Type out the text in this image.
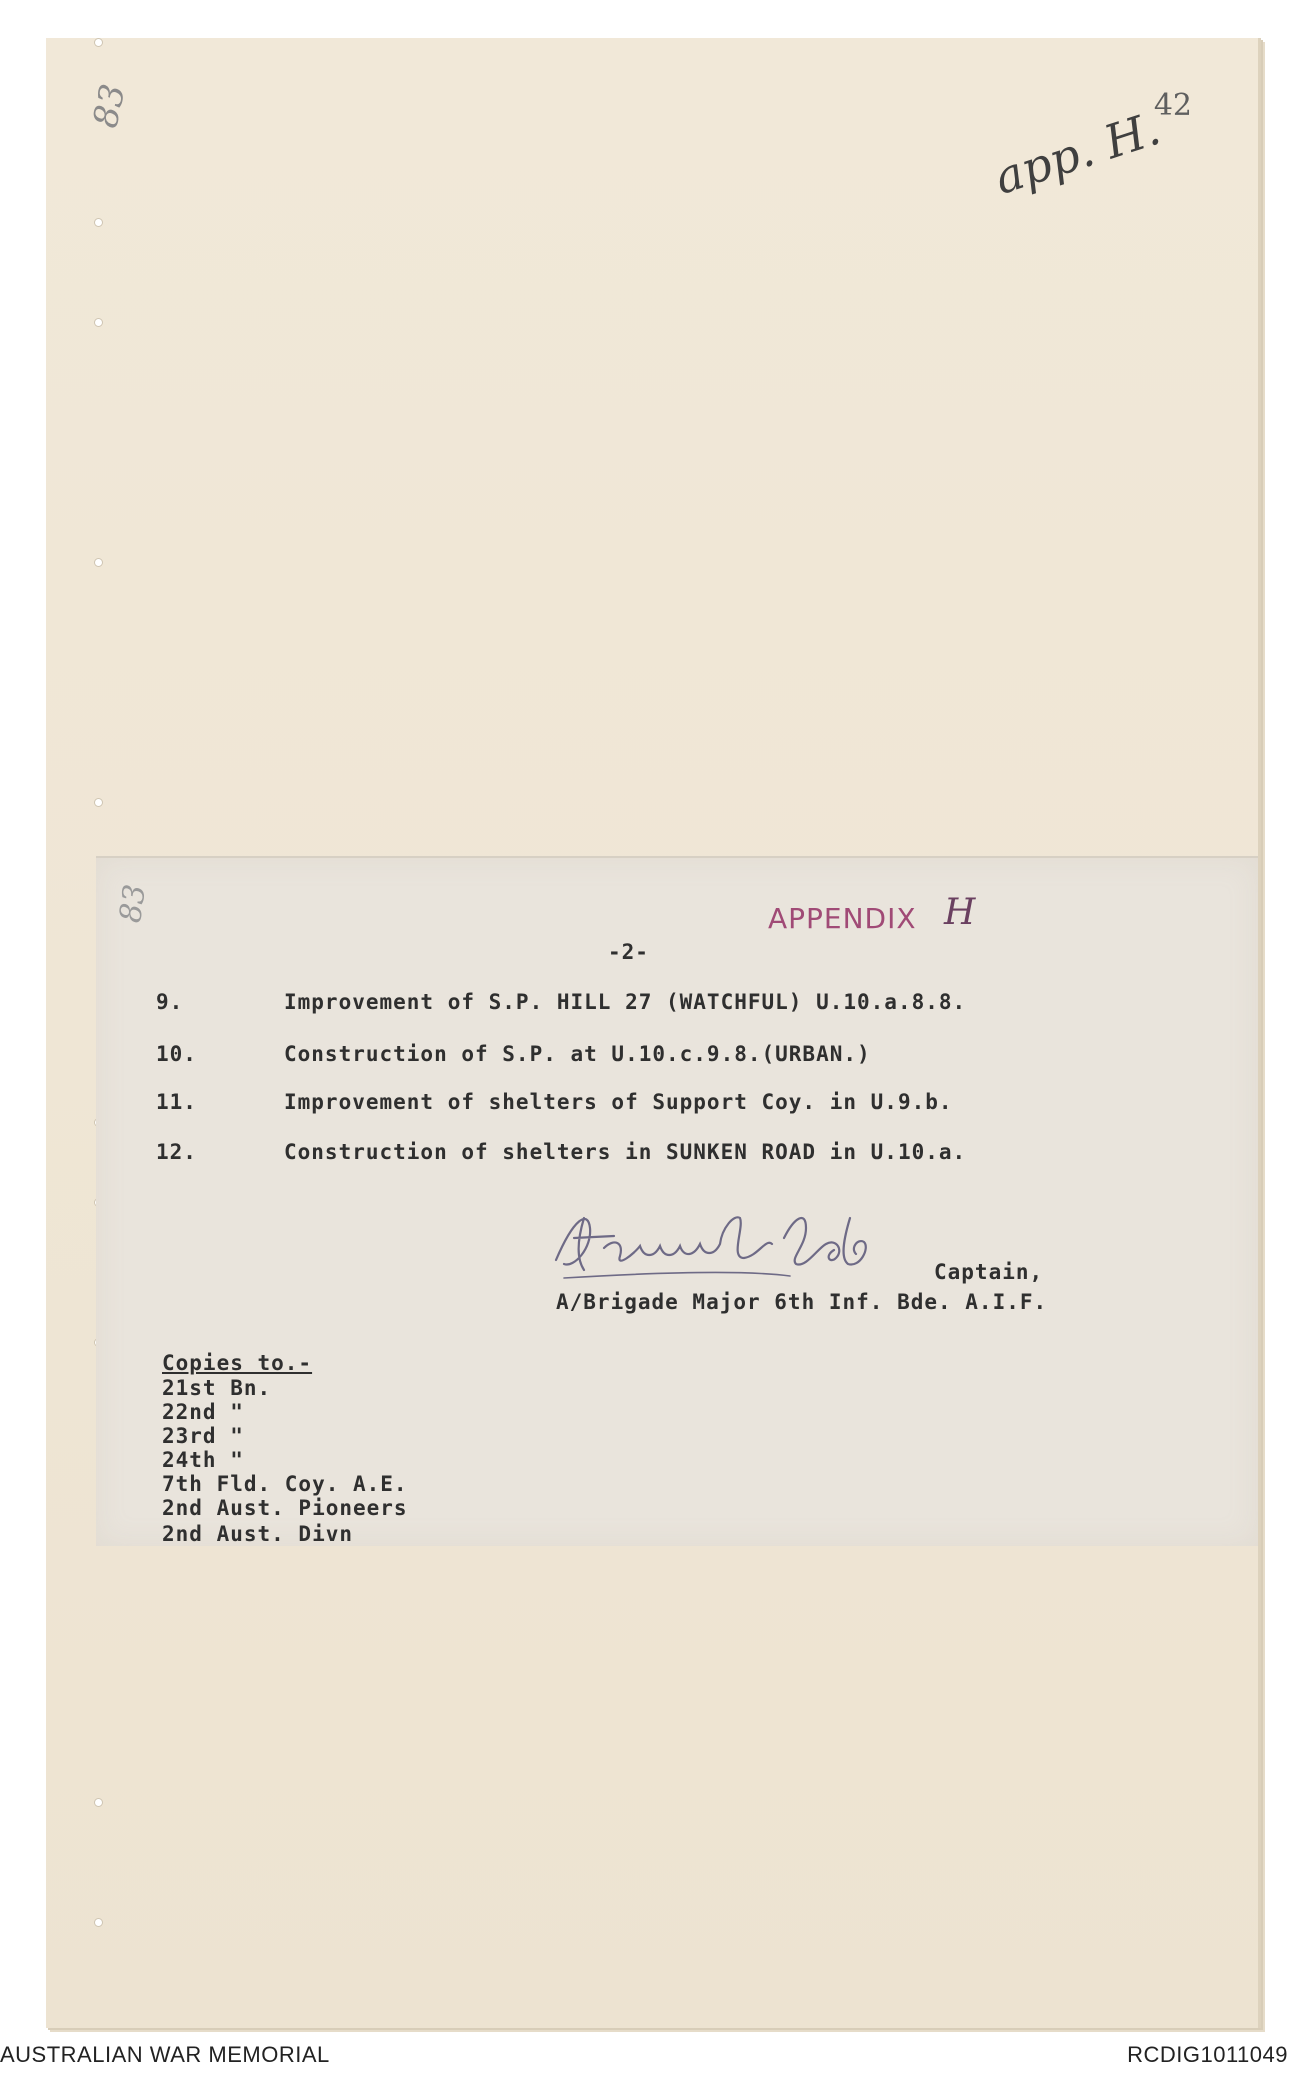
83	42
app. H.
83	APPENDIX H
-2-
9.	Improvement of S.P. HILL 27 (WATCHFUL) U.10.a.8.8.
10.	Construction of S.P. at U.10.c.9.8.(URBAN.)
11.	Improvement of shelters of Support Coy. in U.9.b.
12.	Construction of shelters in SUNKEN ROAD in U.10.a.
Captain,
A/Brigade Major 6th Inf. Bde. A.I.F.
Copies to.-
21st Bn.
22nd "
23rd "
24th "
7th Fld. Coy. A.E.
2nd Aust. Pioneers
2nd Aust. Divn
AUSTRALIAN WAR MEMORIAL	RCDIG1011049
